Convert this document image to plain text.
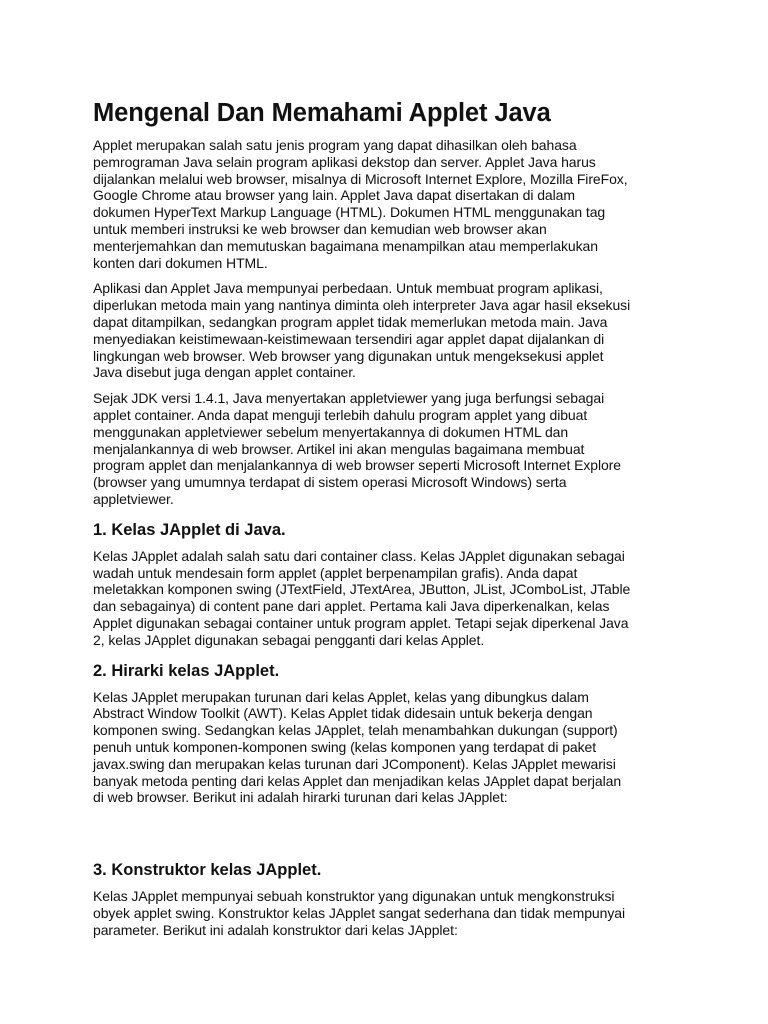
Mengenal Dan Memahami Applet Java

Applet merupakan salah satu jenis program yang dapat dihasilkan oleh bahasa
pemrograman Java selain program aplikasi dekstop dan server. Applet Java harus
dijalankan melalui web browser, misalnya di Microsoft Internet Explore, Mozilla FireFox,
Google Chrome atau browser yang lain. Applet Java dapat disertakan di dalam
dokumen HyperText Markup Language (HTML). Dokumen HTML menggunakan tag
untuk memberi instruksi ke web browser dan kemudian web browser akan
menterjemahkan dan memutuskan bagaimana menampilkan atau memperlakukan
konten dari dokumen HTML.

Aplikasi dan Applet Java mempunyai perbedaan. Untuk membuat program aplikasi,
diperlukan metoda main yang nantinya diminta oleh interpreter Java agar hasil eksekusi
dapat ditampilkan, sedangkan program applet tidak memerlukan metoda main. Java
menyediakan keistimewaan-keistimewaan tersendiri agar applet dapat dijalankan di
lingkungan web browser. Web browser yang digunakan untuk mengeksekusi applet
Java disebut juga dengan applet container.

Sejak JDK versi 1.4.1, Java menyertakan appletviewer yang juga berfungsi sebagai
applet container. Anda dapat menguji terlebih dahulu program applet yang dibuat
menggunakan appletviewer sebelum menyertakannya di dokumen HTML dan
menjalankannya di web browser. Artikel ini akan mengulas bagaimana membuat
program applet dan menjalankannya di web browser seperti Microsoft Internet Explore
(browser yang umumnya terdapat di sistem operasi Microsoft Windows) serta
appletviewer.

1. Kelas JApplet di Java.

Kelas JApplet adalah salah satu dari container class. Kelas JApplet digunakan sebagai
wadah untuk mendesain form applet (applet berpenampilan grafis). Anda dapat
meletakkan komponen swing (JTextField, JTextArea, JButton, JList, JComboList, JTable
dan sebagainya) di content pane dari applet. Pertama kali Java diperkenalkan, kelas
Applet digunakan sebagai container untuk program applet. Tetapi sejak diperkenal Java
2, kelas JApplet digunakan sebagai pengganti dari kelas Applet.

2. Hirarki kelas JApplet.

Kelas JApplet merupakan turunan dari kelas Applet, kelas yang dibungkus dalam
Abstract Window Toolkit (AWT). Kelas Applet tidak didesain untuk bekerja dengan
komponen swing. Sedangkan kelas JApplet, telah menambahkan dukungan (support)
penuh untuk komponen-komponen swing (kelas komponen yang terdapat di paket
javax.swing dan merupakan kelas turunan dari JComponent). Kelas JApplet mewarisi
banyak metoda penting dari kelas Applet dan menjadikan kelas JApplet dapat berjalan
di web browser. Berikut ini adalah hirarki turunan dari kelas JApplet:

3. Konstruktor kelas JApplet.

Kelas JApplet mempunyai sebuah konstruktor yang digunakan untuk mengkonstruksi
obyek applet swing. Konstruktor kelas JApplet sangat sederhana dan tidak mempunyai
parameter. Berikut ini adalah konstruktor dari kelas JApplet:
